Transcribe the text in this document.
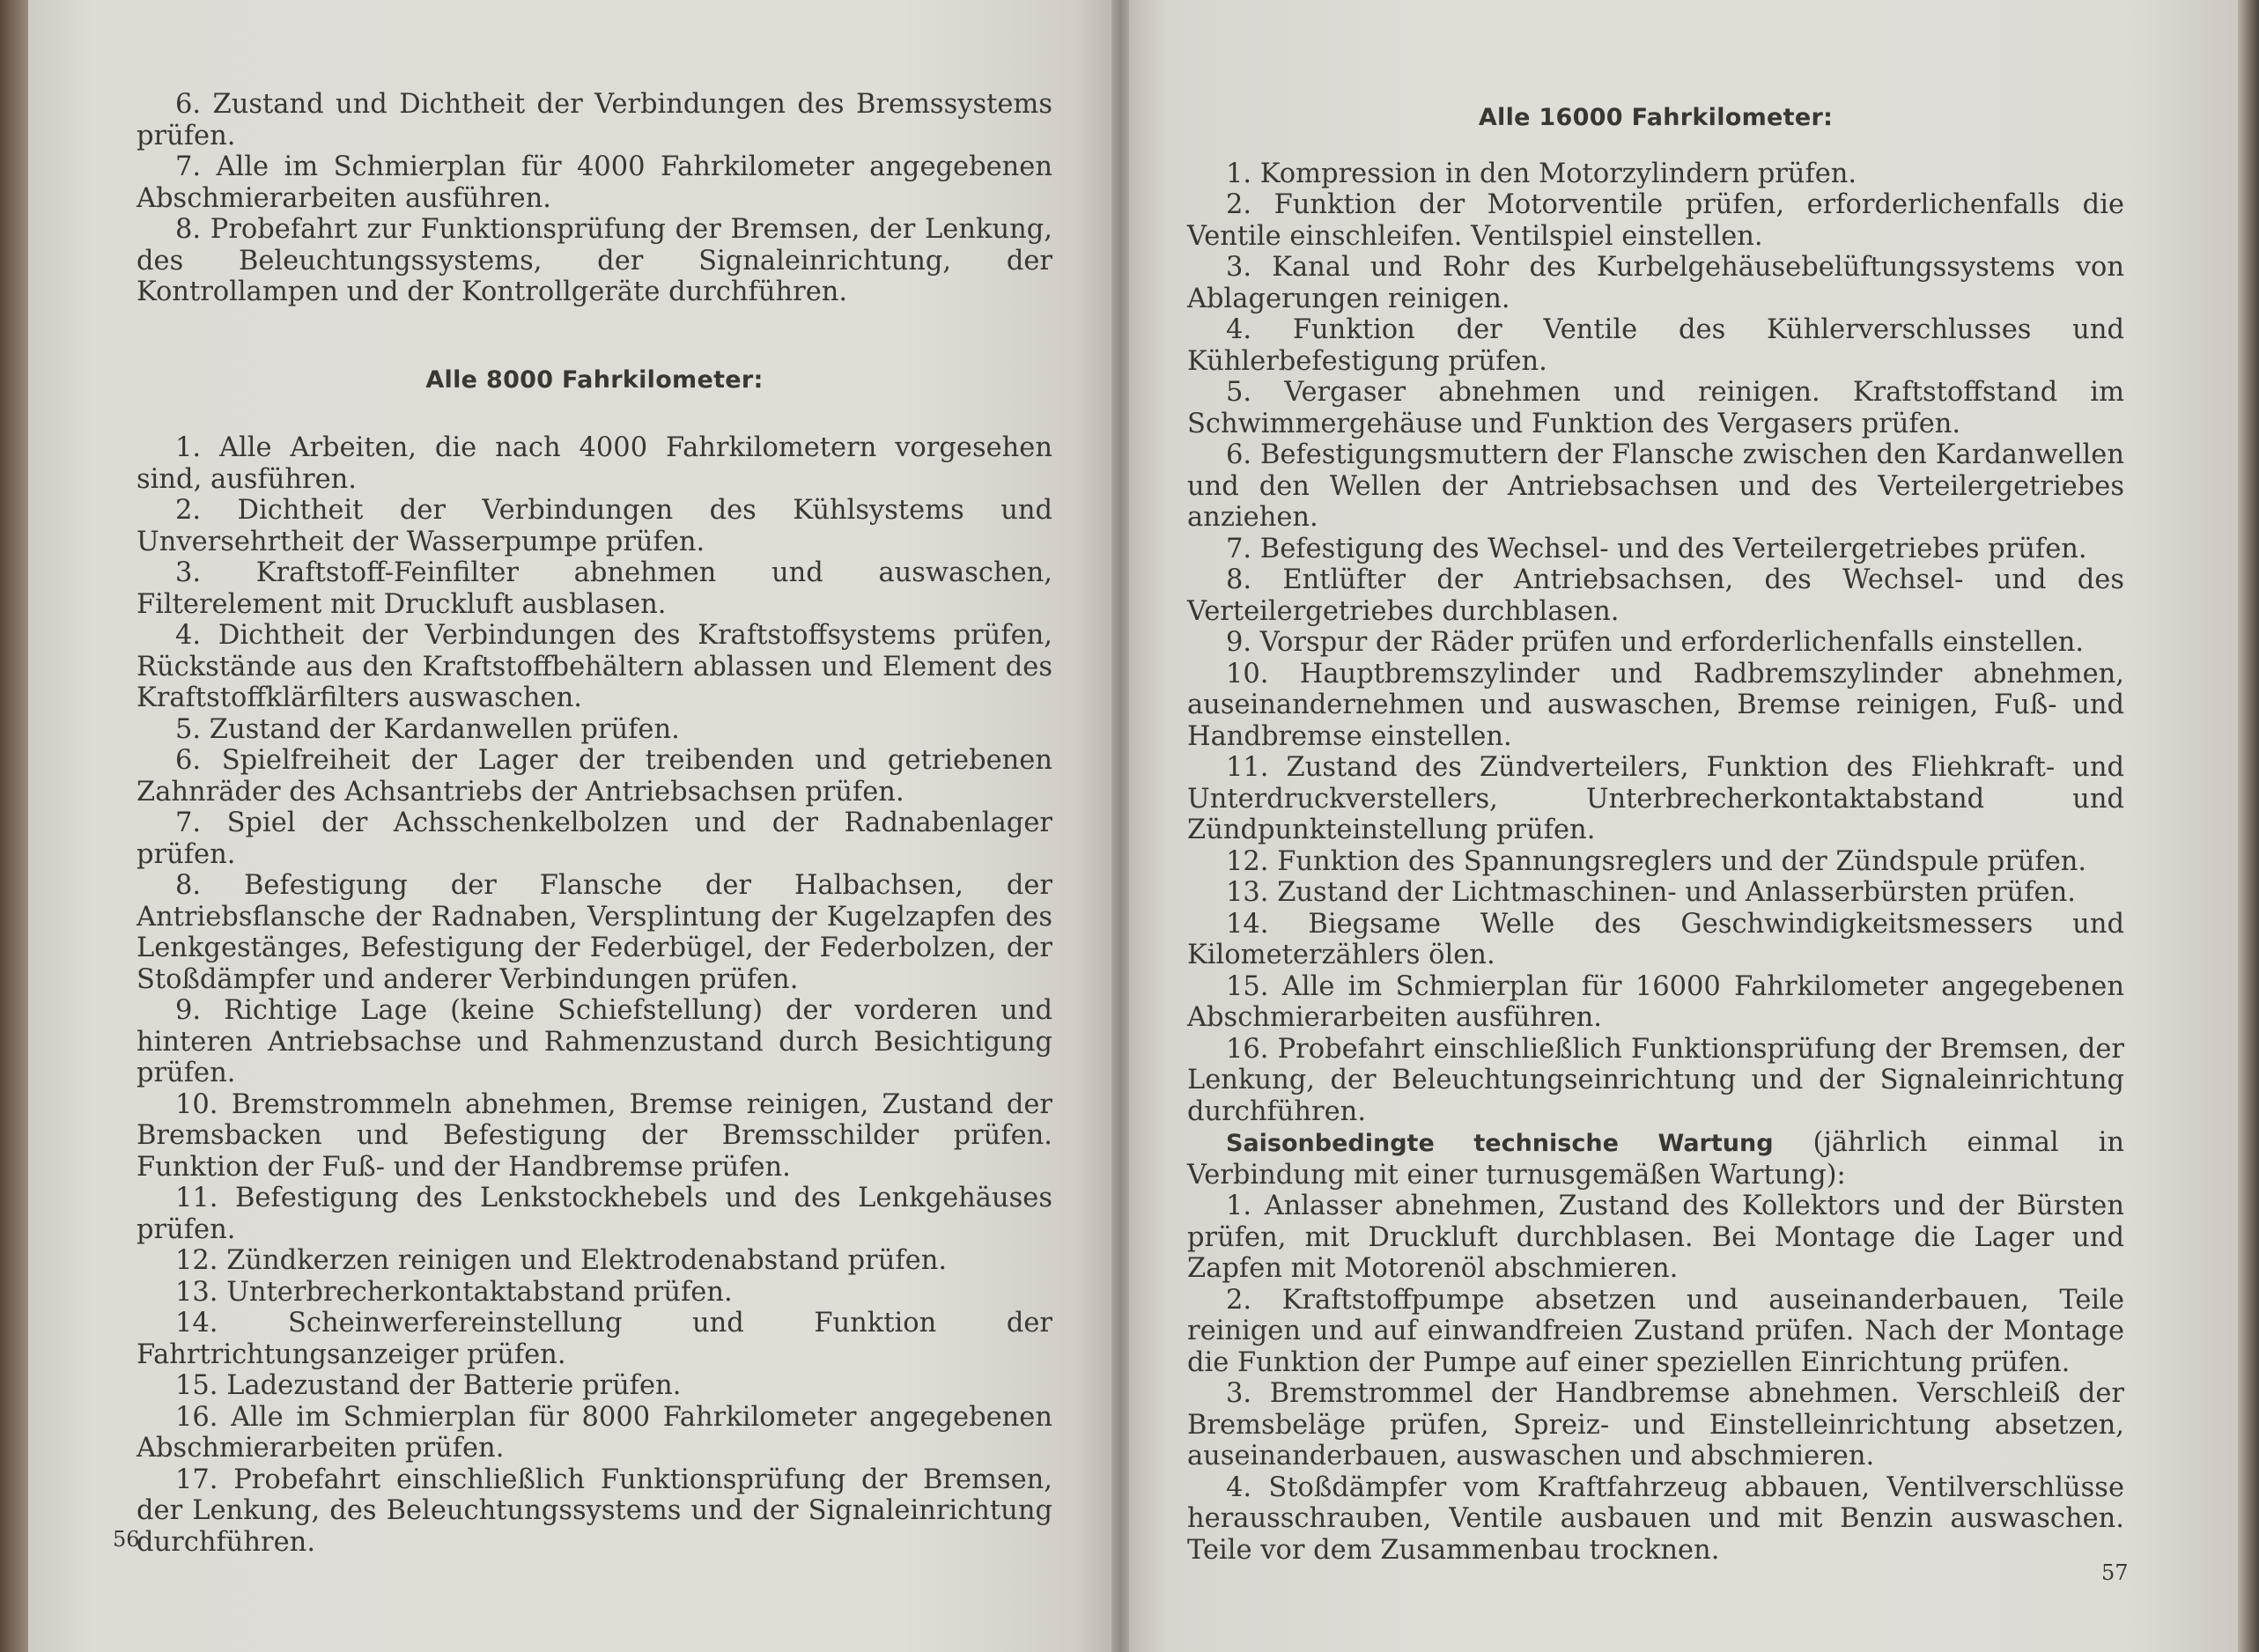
6. Zustand und Dichtheit der Verbindungen des Bremssystems prüfen.

7. Alle im Schmierplan für 4000 Fahrkilometer angegebenen Abschmierarbeiten ausführen.

8. Probefahrt zur Funktionsprüfung der Bremsen, der Lenkung, des Beleuchtungssystems, der Signaleinrichtung, der Kontrollampen und der Kontrollgeräte durchführen.

Alle 8000 Fahrkilometer:

1. Alle Arbeiten, die nach 4000 Fahrkilometern vorgesehen sind, ausführen.

2. Dichtheit der Verbindungen des Kühlsystems und Unversehrtheit der Wasserpumpe prüfen.

3. Kraftstoff-Feinfilter abnehmen und auswaschen, Filterelement mit Druckluft ausblasen.

4. Dichtheit der Verbindungen des Kraftstoffsystems prüfen, Rückstände aus den Kraftstoffbehältern ablassen und Element des Kraftstoffklärfilters auswaschen.

5. Zustand der Kardanwellen prüfen.

6. Spielfreiheit der Lager der treibenden und getriebenen Zahnräder des Achsantriebs der Antriebsachsen prüfen.

7. Spiel der Achsschenkelbolzen und der Radnabenlager prüfen.

8. Befestigung der Flansche der Halbachsen, der Antriebsflansche der Radnaben, Versplintung der Kugelzapfen des Lenkgestänges, Befestigung der Federbügel, der Federbolzen, der Stoßdämpfer und anderer Verbindungen prüfen.

9. Richtige Lage (keine Schiefstellung) der vorderen und hinteren Antriebsachse und Rahmenzustand durch Besichtigung prüfen.

10. Bremstrommeln abnehmen, Bremse reinigen, Zustand der Bremsbacken und Befestigung der Bremsschilder prüfen. Funktion der Fuß- und der Handbremse prüfen.

11. Befestigung des Lenkstockhebels und des Lenkgehäuses prüfen.

12. Zündkerzen reinigen und Elektrodenabstand prüfen.

13. Unterbrecherkontaktabstand prüfen.

14. Scheinwerfereinstellung und Funktion der Fahrtrichtungsanzeiger prüfen.

15. Ladezustand der Batterie prüfen.

16. Alle im Schmierplan für 8000 Fahrkilometer angegebenen Abschmierarbeiten prüfen.

17. Probefahrt einschließlich Funktionsprüfung der Bremsen, der Lenkung, des Beleuchtungssystems und der Signaleinrichtung durchführen.

56
Alle 16000 Fahrkilometer:

1. Kompression in den Motorzylindern prüfen.

2. Funktion der Motorventile prüfen, erforderlichenfalls die Ventile einschleifen. Ventilspiel einstellen.

3. Kanal und Rohr des Kurbelgehäusebelüftungssystems von Ablagerungen reinigen.

4. Funktion der Ventile des Kühlerverschlusses und Kühlerbefestigung prüfen.

5. Vergaser abnehmen und reinigen. Kraftstoffstand im Schwimmergehäuse und Funktion des Vergasers prüfen.

6. Befestigungsmuttern der Flansche zwischen den Kardanwellen und den Wellen der Antriebsachsen und des Verteilergetriebes anziehen.

7. Befestigung des Wechsel- und des Verteilergetriebes prüfen.

8. Entlüfter der Antriebsachsen, des Wechsel- und des Verteilergetriebes durchblasen.

9. Vorspur der Räder prüfen und erforderlichenfalls einstellen.

10. Hauptbremszylinder und Radbremszylinder abnehmen, auseinandernehmen und auswaschen, Bremse reinigen, Fuß- und Handbremse einstellen.

11. Zustand des Zündverteilers, Funktion des Fliehkraft- und Unterdruckverstellers, Unterbrecherkontaktabstand und Zündpunkteinstellung prüfen.

12. Funktion des Spannungsreglers und der Zündspule prüfen.

13. Zustand der Lichtmaschinen- und Anlasserbürsten prüfen.

14. Biegsame Welle des Geschwindigkeitsmessers und Kilometerzählers ölen.

15. Alle im Schmierplan für 16000 Fahrkilometer angegebenen Abschmierarbeiten ausführen.

16. Probefahrt einschließlich Funktionsprüfung der Bremsen, der Lenkung, der Beleuchtungseinrichtung und der Signaleinrichtung durchführen.

Saisonbedingte technische Wartung (jährlich einmal in Verbindung mit einer turnusgemäßen Wartung):

1. Anlasser abnehmen, Zustand des Kollektors und der Bürsten prüfen, mit Druckluft durchblasen. Bei Montage die Lager und Zapfen mit Motorenöl abschmieren.

2. Kraftstoffpumpe absetzen und auseinanderbauen, Teile reinigen und auf einwandfreien Zustand prüfen. Nach der Montage die Funktion der Pumpe auf einer speziellen Einrichtung prüfen.

3. Bremstrommel der Handbremse abnehmen. Verschleiß der Bremsbeläge prüfen, Spreiz- und Einstelleinrichtung absetzen, auseinanderbauen, auswaschen und abschmieren.

4. Stoßdämpfer vom Kraftfahrzeug abbauen, Ventilverschlüsse herausschrauben, Ventile ausbauen und mit Benzin auswaschen. Teile vor dem Zusammenbau trocknen.

57
